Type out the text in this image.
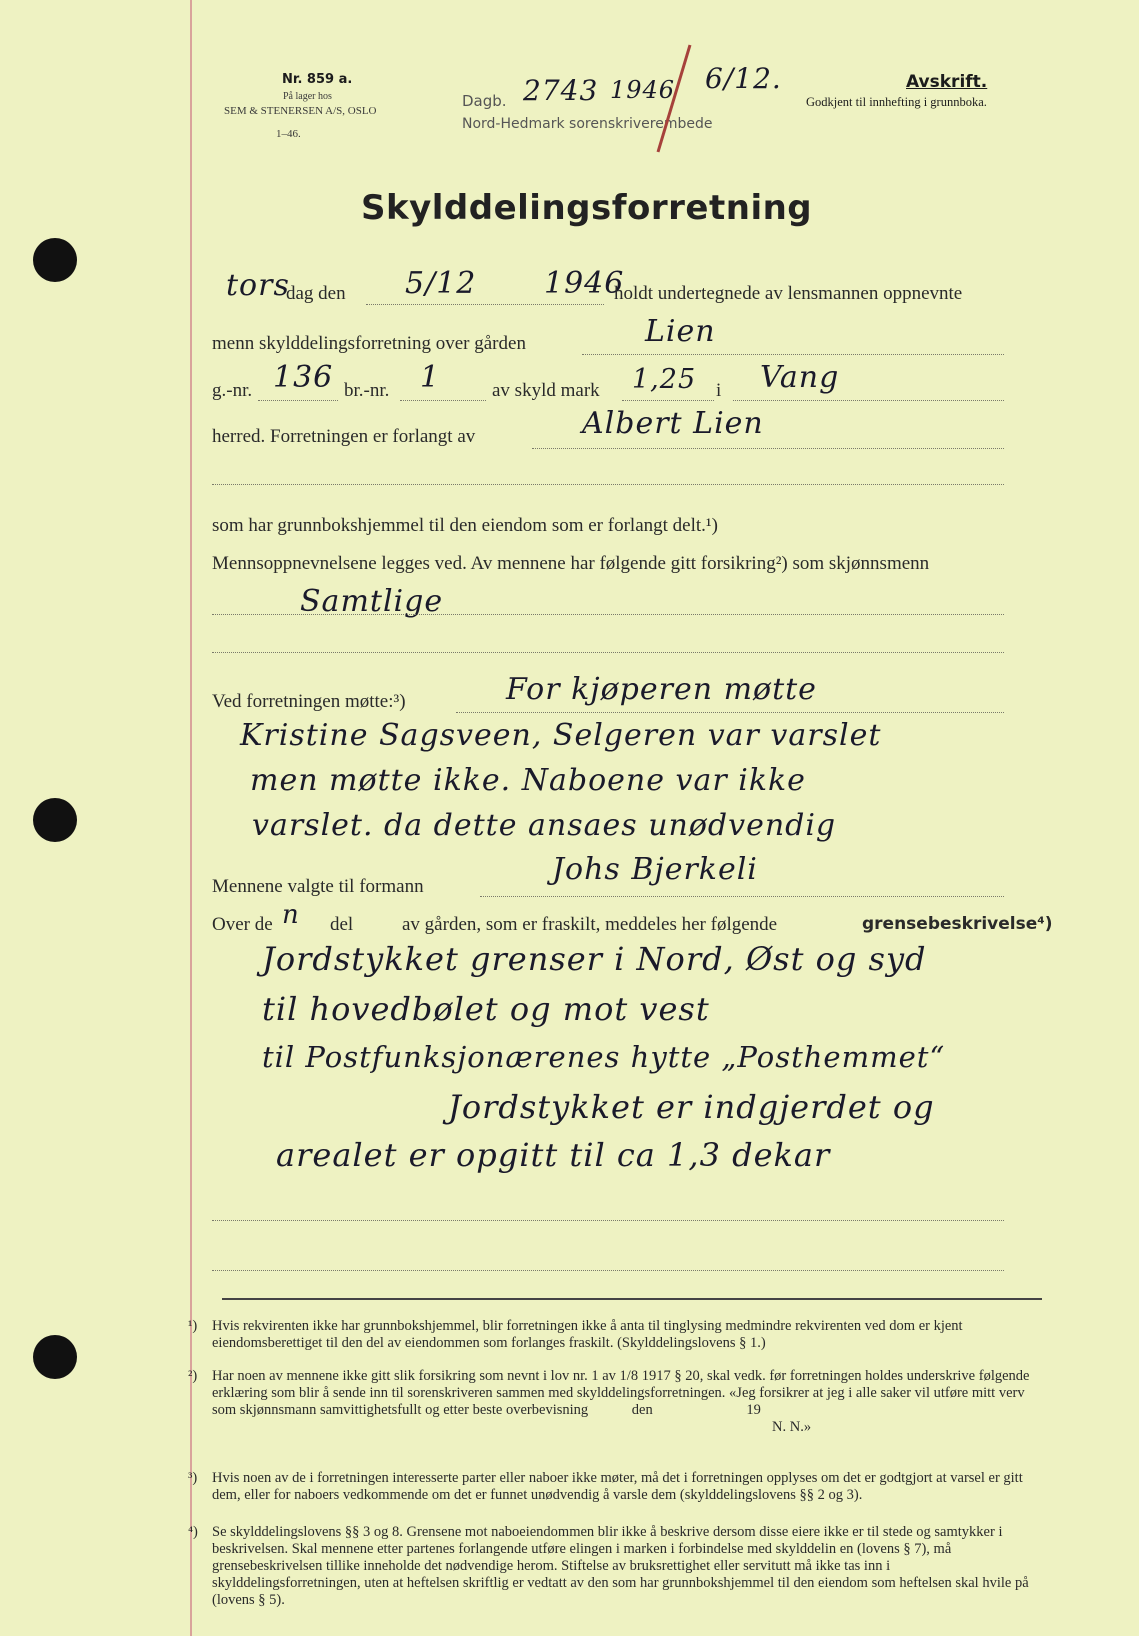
Nr. 859 a.
På lager hos
SEM & STENERSEN A/S, OSLO
1–46.
Dagb. 2743 1946 6/12.
Nord-Hedmark sorenskriverembede
Avskrift.
Godkjent til innhefting i grunnboka.
Skylddelingsforretning
tors
dag den 5/12 1946
holdt undertegnede av lensmannen oppnevnte
menn skylddelingsforretning over gården	Lien
g.-nr. 136 br.-nr. 1	av skyld mark 1,25 i Vang
herred. Forretningen er forlangt av	Albert Lien
som har grunnbokshjemmel til den eiendom som er forlangt delt.¹)
Mennsoppnevnelsene legges ved. Av mennene har følgende gitt forsikring²) som skjønnsmenn
Samtlige
Ved forretningen møtte:³)	For kjøperen møtte
Kristine Sagsveen, Selgeren var varslet
men møtte ikke. Naboene var ikke
varslet. da dette ansaes unødvendig
Mennene valgte til formann	Johs Bjerkeli
Over de n del	av gården, som er fraskilt, meddeles her følgende	grensebeskrivelse⁴)
Jordstykket grenser i Nord, Øst og syd
til hovedbølet og mot vest
til Postfunksjonærenes hytte „Posthemmet“
Jordstykket er indgjerdet og
arealet er opgitt til ca 1,3 dekar
¹) Hvis rekvirenten ikke har grunnbokshjemmel, blir forretningen ikke å anta til tinglysing medmindre rekvirenten ved dom er kjent eiendomsberettiget til den del av eiendommen som forlanges fraskilt. (Skylddelingslovens § 1.)
²) Har noen av mennene ikke gitt slik forsikring som nevnt i lov nr. 1 av 1/8 1917 § 20, skal vedk. før forretningen holdes underskrive følgende erklæring som blir å sende inn til sorenskriveren sammen med skylddelingsforretningen. «Jeg forsikrer at jeg i alle saker vil utføre mitt verv som skjønnsmann samvittighetsfullt og etter beste overbevisning	den	19
N. N.»
³) Hvis noen av de i forretningen interesserte parter eller naboer ikke møter, må det i forretningen opplyses om det er godtgjort at varsel er gitt dem, eller for naboers vedkommende om det er funnet unødvendig å varsle dem (skylddelingslovens §§ 2 og 3).
⁴) Se skylddelingslovens §§ 3 og 8. Grensene mot naboeiendommen blir ikke å beskrive dersom disse eiere ikke er til stede og samtykker i beskrivelsen. Skal mennene etter partenes forlangende utføre elingen i marken i forbindelse med skylddelin en (lovens § 7), må grensebeskrivelsen tillike inneholde det nødvendige herom. Stiftelse av bruksrettighet eller servitutt må ikke tas inn i skylddelingsforretningen, uten at heftelsen skriftlig er vedtatt av den som har grunnbokshjemmel til den eiendom som heftelsen skal hvile på (lovens § 5).
